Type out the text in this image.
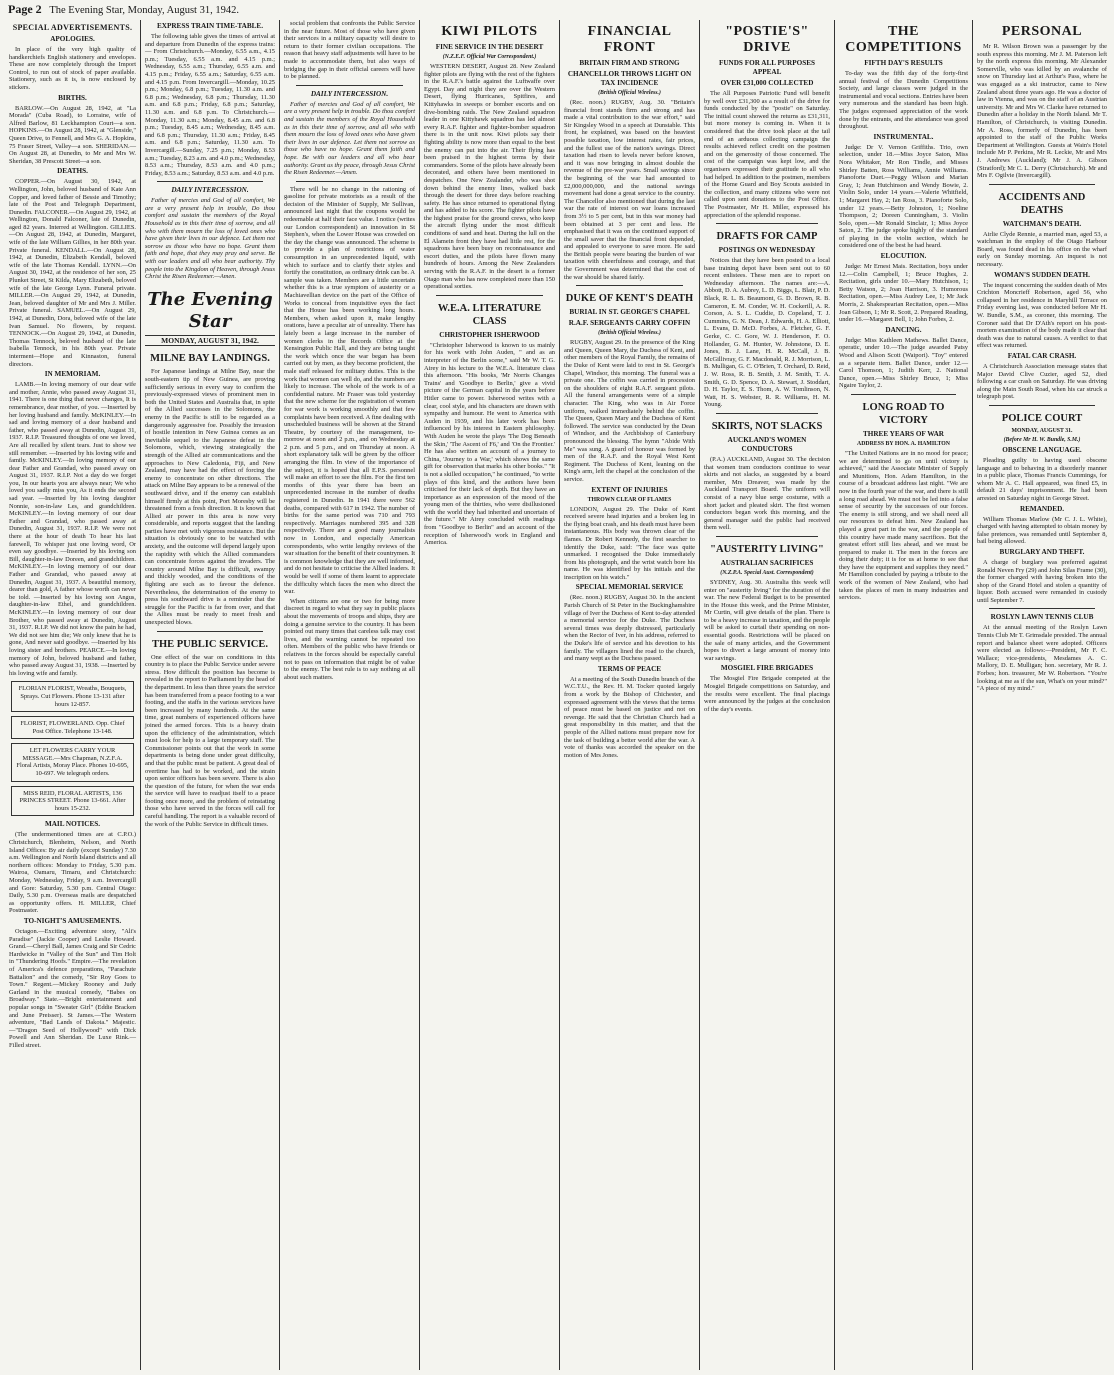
Page 2 The Evening Star, Monday, August 31, 1942.
SPECIAL ADVERTISEMENTS.
APOLOGIES.

In place of the very high quality of handkerchiefs English stationery and envelopes. These are now completely through the Import Control, to run out of stock of paper available. Stationery, such as it is, is now enclosed by stickers.

BIRTHS.

BARLOW.—On August 28, 1942, at "La Morada" (Cuba Road), to Lorraine, wife of Alfred Barlow, 81 Leckhampton Court—a son. HOPKINS.—On August 28, 1942, at "Glenside," Queen Drive, to Fennell, and Mrs G. A. Hopkins, 75 Fraser Street, Valley—a son. SHERIDAN.—On August 28, at Dunedin, to Mr and Mrs W. Sheridan, 38 Prescott Street—a son.

DEATHS.

COPPER.—On August 30, 1942, at Wellington, John, beloved husband of Kate Ann Copper, and loved father of Bessie and Timothy; late of the Post and Telegraph Department, Dunedin. FALCONER.—On August 29, 1942, at Wellington, Donald Falconer, late of Dunedin, aged 82 years. Interred at Wellington. GILLIES.—On August 28, 1942, at Dunedin, Margaret, wife of the late William Gillies, in her 80th year. Private funeral. KENDALL.—On August 28, 1942, at Dunedin, Elizabeth Kendall, beloved wife of the late Thomas Kendall. LYNN.—On August 30, 1942, at the residence of her son, 25 Plunket Street, St Kilda, Mary Elizabeth, beloved wife of the late George Lynn. Funeral private. MILLER.—On August 29, 1942, at Dunedin, Jean, beloved daughter of Mr and Mrs J. Miller. Private funeral. SAMUEL.—On August 29, 1942, at Dunedin, Dora, beloved wife of the late Ivan Samuel. No flowers, by request. TENNOCK.—On August 29, 1942, at Dunedin, Thomas Tennock, beloved husband of the late Isabella Tennock, in his 80th year. Private interment—Hope and Kinnaston, funeral directors.

IN MEMORIAM.

LAMB.—In loving memory of our dear wife and mother, Annie, who passed away August 31, 1941. There is one thing that never changes, It is remembrance, dear mother, of you. —Inserted by her loving husband and family. McKINLEY.—In sad and loving memory of a dear husband and father, who passed away at Dunedin, August 31, 1937. R.I.P. Treasured thoughts of one we loved, Are all recalled by silent tears. Just to show we still remember. —Inserted by his loving wife and family. McKINLEY.—In loving memory of our dear Father and Grandad, who passed away on August 31, 1937. R.I.P. Not a day do we forget you, In our hearts you are always near; We who loved you sadly miss you, As it ends the second sad year. —Inserted by his loving daughter Nonnie, son-in-law Les, and grandchildren. McKINLEY.—In loving memory of our dear Father and Grandad, who passed away at Dunedin, August 31, 1937. R.I.P. We were not there at the hour of death To hear his last farewell, To whisper just one loving word, Or even say goodbye. —Inserted by his loving son Bill, daughter-in-law Doreen, and grandchildren. McKINLEY.—In loving memory of our dear Father and Grandad, who passed away at Dunedin, August 31, 1937. A beautiful memory, dearer than gold, A father whose worth can never be told. —Inserted by his loving son Angus, daughter-in-law Ethel, and grandchildren. McKINLEY.—In loving memory of our dear Brother, who passed away at Dunedin, August 31, 1937. R.I.P. We did not know the pain he had, We did not see him die; We only knew that he is gone, And never said goodbye. —Inserted by his loving sister and brothers. PEARCE.—In loving memory of John, beloved husband and father, who passed away August 31, 1938. —Inserted by his loving wife and family.

FLORIAN FLORIST, Wreaths, Bouquets, Sprays. Cut Flowers. Phone 13-131 after hours 12-857.
FLORIST, FLOWERLAND. Opp. Chief Post Office. Telephone 13-148.
LET FLOWERS CARRY YOUR MESSAGE.—Mrs Chapman, N.Z.F.A. Floral Artists, Moray Place. Phones 10-695, 10-697. We telegraph orders.
MISS REID, FLORAL ARTISTS, 136 PRINCES STREET. Phone 13-661. After hours 15-232.
MAIL NOTICES.

(The undermentioned times are at C.P.O.) Christchurch, Blenheim, Nelson, and North Island Offices: By air daily (except Sunday) 7.30 a.m. Wellington and North Island districts and all northern offices: Monday to Friday, 5.30 p.m. Wairoa, Oamaru, Timaru, and Christchurch: Monday, Wednesday, Friday, 9 a.m. Invercargill and Gore: Saturday, 5.30 p.m. Central Otago: Daily, 5.30 p.m. Overseas mails are despatched as opportunity offers. H. MILLER, Chief Postmaster.

TO-NIGHT'S AMUSEMENTS.

Octagon.—Exciting adventure story, "Ali's Paradise" (Jackie Cooper) and Leslie Howard. Grand.—Cheryl Ball, James Craig and Sir Cedric Hardwicke in "Valley of the Sun" and Tim Holt in "Thundering Hoofs." Empire.—The revelation of America's defence preparations, "Parachute Battalion" and the comedy, "Sir Roy Goes to Town." Regent.—Mickey Rooney and Judy Garland in the musical comedy, "Babes on Broadway." State.—Bright entertainment and popular songs in "Sweater Girl" (Eddie Bracken and June Preisser). St James.—The Western adventure, "Bad Lands of Dakota." Majestic.—"Dragon Seed of Hollywood" with Dick Powell and Ann Sheridan. De Luxe Rink.—Filled street.

EXPRESS TRAIN TIME-TABLE.

The following table gives the times of arrival at and departure from Dunedin of the express trains:— From Christchurch.—Monday, 6.55 a.m., 4.15 p.m.; Tuesday, 6.55 a.m. and 4.15 p.m.; Wednesday, 6.55 a.m.; Thursday, 6.55 a.m. and 4.15 p.m.; Friday, 6.55 a.m.; Saturday, 6.55 a.m. and 4.15 p.m. From Invercargill.—Monday, 10.25 p.m.; Monday, 6.8 p.m.; Tuesday, 11.30 a.m. and 6.8 p.m.; Wednesday, 6.8 p.m.; Thursday, 11.30 a.m. and 6.8 p.m.; Friday, 6.8 p.m.; Saturday, 11.30 a.m. and 6.8 p.m. To Christchurch.—Monday, 11.30 a.m.; Monday, 8.45 a.m. and 6.8 p.m.; Tuesday, 8.45 a.m.; Wednesday, 8.45 a.m. and 6.8 p.m.; Thursday, 11.30 a.m.; Friday, 8.45 a.m. and 6.8 p.m.; Saturday, 11.30 a.m. To Invercargill.—Sunday, 7.25 p.m.; Monday, 8.53 a.m.; Tuesday, 8.23 a.m. and 4.0 p.m.; Wednesday, 8.53 a.m.; Thursday, 8.53 a.m. and 4.0 p.m.; Friday, 8.53 a.m.; Saturday, 8.53 a.m. and 4.0 p.m.

DAILY INTERCESSION.

Father of mercies and God of all comfort, We are a very present help in trouble, Do thou comfort and sustain the members of the Royal Household as in this their time of sorrow, and all who with them mourn the loss of loved ones who have given their lives in our defence. Let them not sorrow as those who have no hope. Grant them faith and hope, that they may pray and serve. Be with our leaders and all who bear authority. Thy people into the Kingdom of Heaven, through Jesus Christ the Risen Redeemer.—Amen.

The Evening Star
MONDAY, AUGUST 31, 1942.
MILNE BAY LANDINGS.

For Japanese landings at Milne Bay, near the south-eastern tip of New Guinea, are proving sufficiently serious in every way to confirm the previously-expressed views of prominent men in both the United States and Australia that, in spite of the Allied successes in the Solomons, the enemy in the Pacific is still to be regarded as a dangerously aggressive foe. Possibly the invasion of hostile intention in New Guinea comes as an inevitable sequel to the Japanese defeat in the Solomons, which, viewing strategically the strength of the Allied air communications and the approaches to New Caledonia, Fiji, and New Zealand, may have had the effect of forcing the enemy to concentrate on other directions. The attack on Milne Bay appears to be a renewal of the southward drive, and if the enemy can establish himself firmly at this point, Port Moresby will be threatened from a fresh direction. It is known that Allied air power in this area is now very considerable, and reports suggest that the landing parties have met with vigorous resistance. But the situation is obviously one to be watched with anxiety, and the outcome will depend largely upon the rapidity with which the Allied commanders can concentrate forces against the invaders. The country around Milne Bay is difficult, swampy and thickly wooded, and the conditions of the fighting are such as to favour the defence. Nevertheless, the determination of the enemy to press his southward drive is a reminder that the struggle for the Pacific is far from over, and that the Allies must be ready to meet fresh and unexpected blows.

THE PUBLIC SERVICE.

One effect of the war on conditions in this country is to place the Public Service under severe stress. How difficult the position has become is revealed in the report to Parliament by the head of the department. In less than three years the service has been transferred from a peace footing to a war footing, and the staffs in the various services have been increased by many hundreds. At the same time, great numbers of experienced officers have joined the armed forces. This is a heavy drain upon the efficiency of the administration, which must look for help to a large temporary staff. The Commissioner points out that the work in some departments is being done under great difficulty, and that the public must be patient. A great deal of overtime has had to be worked, and the strain upon senior officers has been severe. There is also the question of the future, for when the war ends the service will have to readjust itself to a peace footing once more, and the problem of reinstating those who have served in the forces will call for careful handling. The report is a valuable record of the work of the Public Service in difficult times.

social problem that confronts the Public Service in the near future. Most of those who have given their services in a military capacity will desire to return to their former civilian occupations. The reason that heavy staff adjustments will have to be made to accommodate them, but also ways of bridging the gap in their official careers will have to be planned.

DAILY INTERCESSION.

Father of mercies and God of all comfort, We are a very present help in trouble. Do thou comfort and sustain the members of the Royal Household as in this their time of sorrow, and all who with them mourn the loss of loved ones who have given their lives in our defence. Let them not sorrow as those who have no hope. Grant them faith and hope. Be with our leaders and all who bear authority. Grant us thy peace, through Jesus Christ the Risen Redeemer.—Amen.

There will be no change in the rationing of gasoline for private motorists as a result of the decision of the Minister of Supply, Mr Sullivan, announced last night that the coupons would be redeemable at half their face value. I notice (writes our London correspondent) an innovation in St Stephen's, when the Lower House was crowded on the day the change was announced. The scheme is to provide a plan of restrictions of water consumption in an unprecedented liquid, with which to surface and to clarify their styles and fortify the constitution, as ordinary drink can be. A sample was taken. Members are a little uncertain whether this is a true symptom of austerity or a Machiavellian device on the part of the Office of Works to conceal from inquisitive eyes the fact that the House has been working long hours. Members, when asked upon it, make lengthy orations, have a peculiar air of unreality. There has lately been a large increase in the number of women clerks in the Records Office at the Kensington Public Hall, and they are being taught the work which once the war began has been carried out by men, as they become proficient, the male staff released for military duties. This is the work that women can well do, and the numbers are likely to increase. The whole of the work is of a confidential nature. Mr Fraser was told yesterday that the new scheme for the registration of women for war work is working smoothly and that few complaints have been received. A fine dealing with unscheduled business will be shown at the Strand Theatre, by courtesy of the management, to-morrow at noon and 2 p.m., and on Wednesday at 2 p.m. and 5 p.m., and on Thursday at noon. A short explanatory talk will be given by the officer arranging the film. In view of the importance of the subject, it is hoped that all E.P.S. personnel will make an effort to see the film. For the first ten months of this year there has been an unprecedented increase in the number of deaths registered in Dunedin. In 1941 there were 562 deaths, compared with 617 in 1942. The number of births for the same period was 710 and 793 respectively. Marriages numbered 395 and 328 respectively. There are a good many journalists now in London, and especially American correspondents, who write lengthy reviews of the war situation for the benefit of their countrymen. It is common knowledge that they are well informed, and do not hesitate to criticise the Allied leaders. It would be well if some of them learnt to appreciate the difficulty which faces the men who direct the war.

When citizens are one or two for being more discreet in regard to what they say in public places about the movements of troops and ships, they are doing a genuine service to the country. It has been pointed out many times that careless talk may cost lives, and the warning cannot be repeated too often. Members of the public who have friends or relatives in the forces should be especially careful not to pass on information that might be of value to the enemy. The best rule is to say nothing at all about such matters.

KIWI PILOTS
FINE SERVICE IN THE DESERT
(N.Z.E.F. Official War Correspondent.)

WESTERN DESERT, August 28. New Zealand fighter pilots are flying with the rest of the fighters in the R.A.F.'s battle against the Luftwaffe over Egypt. Day and night they are over the Western Desert, flying Hurricanes, Spitfires, and Kittyhawks in sweeps or bomber escorts and on dive-bombing raids. The New Zealand squadron leader in one Kittyhawk squadron has led almost every R.A.F. fighter and fighter-bomber squadron there is in the unit now. Kiwi pilots say their fighting ability is now more than equal to the best the enemy can put into the air. Their flying has been praised in the highest terms by their commanders. Some of the pilots have already been decorated, and others have been mentioned in despatches. One New Zealander, who was shot down behind the enemy lines, walked back through the desert for three days before reaching safety. He has since returned to operational flying and has added to his score. The fighter pilots have the highest praise for the ground crews, who keep the aircraft flying under the most difficult conditions of sand and heat. During the lull on the El Alamein front they have had little rest, for the squadrons have been busy on reconnaissance and escort duties, and the pilots have flown many hundreds of hours. Among the New Zealanders serving with the R.A.F. in the desert is a former Otago man who has now completed more than 150 operational sorties.

W.E.A. LITERATURE CLASS
CHRISTOPHER ISHERWOOD

"Christopher Isherwood is known to us mainly for his work with John Auden, " and as an interpreter of the Berlin scene," said Mr W. T. G. Airey in his lecture to the W.E.A. literature class this afternoon. "His books, 'Mr Norris Changes Trains' and 'Goodbye to Berlin,' give a vivid picture of the German capital in the years before Hitler came to power. Isherwood writes with a clear, cool style, and his characters are drawn with sympathy and humour. He went to America with Auden in 1939, and his later work has been influenced by his interest in Eastern philosophy. With Auden he wrote the plays 'The Dog Beneath the Skin,' 'The Ascent of F6,' and 'On the Frontier.' He has also written an account of a journey to China, 'Journey to a War,' which shows the same gift for observation that marks his other books." "It is not a skilled occupation," he continued, "to write plays of this kind, and the authors have been criticised for their lack of depth. But they have an importance as an expression of the mood of the young men of the thirties, who were disillusioned with the world they had inherited and uncertain of the future." Mr Airey concluded with readings from "Goodbye to Berlin" and an account of the reception of Isherwood's work in England and America.

FINANCIAL FRONT
BRITAIN FIRM AND STRONG
CHANCELLOR THROWS LIGHT ON TAX INCIDENCE
(British Official Wireless.)

(Rec. noon.) RUGBY, Aug. 30. "Britain's financial front stands firm and strong and has made a vital contribution to the war effort," said Sir Kingsley Wood in a speech at Dunstable. This front, he explained, was based on the heaviest possible taxation, low interest rates, fair prices, and the fullest use of the nation's savings. Direct taxation had risen to levels never before known, and it was now bringing in almost double the revenue of the pre-war years. Small savings since the beginning of the war had amounted to £2,000,000,000, and the national savings movement had done a great service to the country. The Chancellor also mentioned that during the last war the rate of interest on war loans increased from 3½ to 5 per cent, but in this war money had been obtained at 3 per cent and less. He emphasised that it was on the continued support of the small saver that the financial front depended, and appealed to everyone to save more. He said the British people were bearing the burden of war taxation with cheerfulness and courage, and that the Government was determined that the cost of the war should be shared fairly.

DUKE OF KENT'S DEATH
BURIAL IN ST. GEORGE'S CHAPEL
R.A.F. SERGEANTS CARRY COFFIN
(British Official Wireless.)

RUGBY, August 29. In the presence of the King and Queen, Queen Mary, the Duchess of Kent, and other members of the Royal Family, the remains of the Duke of Kent were laid to rest in St. George's Chapel, Windsor, this morning. The funeral was a private one. The coffin was carried in procession on the shoulders of eight R.A.F. sergeant pilots. All the funeral arrangements were of a simple character. The King, who was in Air Force uniform, walked immediately behind the coffin. The Queen, Queen Mary and the Duchess of Kent followed. The service was conducted by the Dean of Windsor, and the Archbishop of Canterbury pronounced the blessing. The hymn "Abide With Me" was sung. A guard of honour was formed by men of the R.A.F. and the Royal West Kent Regiment. The Duchess of Kent, leaning on the King's arm, left the chapel at the conclusion of the service.

EXTENT OF INJURIES
THROWN CLEAR OF FLAMES

LONDON, August 29. The Duke of Kent received severe head injuries and a broken leg in the flying boat crash, and his death must have been instantaneous. His body was thrown clear of the flames. Dr Robert Kennedy, the first searcher to identify the Duke, said: "The face was quite unmarked. I recognised the Duke immediately from his photograph, and the wrist watch bore his name. He was identified by his initials and the inscription on his watch."

SPECIAL MEMORIAL SERVICE

(Rec. noon.) RUGBY, August 30. In the ancient Parish Church of St Peter in the Buckinghamshire village of Iver the Duchess of Kent to-day attended a memorial service for the Duke. The Duchess several times was deeply distressed, particularly when the Rector of Iver, in his address, referred to the Duke's life of service and his devotion to his family. The villagers lined the road to the church, and many wept as the Duchess passed.

TERMS OF PEACE

At a meeting of the South Dunedin branch of the W.C.T.U., the Rev. H. M. Tocker quoted largely from a work by the Bishop of Chichester, and expressed agreement with the views that the terms of peace must be based on justice and not on revenge. He said that the Christian Church had a great responsibility in this matter, and that the people of the Allied nations must prepare now for the task of building a better world after the war. A vote of thanks was accorded the speaker on the motion of Mrs Jones.

"POSTIE'S" DRIVE
FUNDS FOR ALL PURPOSES APPEAL
OVER £31,000 COLLECTED

The All Purposes Patriotic Fund will benefit by well over £31,300 as a result of the drive for funds conducted by the "postie" on Saturday. The initial count showed the returns as £31,311, but more money is coming in. When it is considered that the drive took place at the tail end of an arduous collecting campaign the results achieved reflect credit on the postmen and on the generosity of those concerned. The cost of the campaign was kept low, and the organisers expressed their gratitude to all who had helped. In addition to the postmen, members of the Home Guard and Boy Scouts assisted in the collection, and many citizens who were not called upon sent donations to the Post Office. The Postmaster, Mr H. Miller, expressed his appreciation of the splendid response.

DRAFTS FOR CAMP
POSTINGS ON WEDNESDAY

Notices that they have been posted to a local base training depot have been sent out to 60 recent enlistees. These men are to report on Wednesday afternoon. The names are:—A. Abbott, D. A. Aubrey, L. D. Biggs, L. Blair, P. D. Black, R. L. B. Beaumont, G. D. Brown, R. B. Cameron, E. M. Conder, W. H. Cockerill, A. R. Corson, A. S. L. Cuddie, D. Copeland, T. J. Cummins, G. N. Dean, J. Edwards, H. A. Elliott, L. Evans, D. McD. Forbes, A. Fletcher, G. F. Gerke, C. C. Gore, W. J. Henderson, F. O. Hollander, G. M. Hunter, W. Johnstone, D. E. Jones, B. J. Lane, H. R. McCall, J. B. McGillivray, G. F. Macdonald, R. J. Morrison, L. B. Mulligan, G. C. O'Brien, T. Orchard, D. Reid, J. W. Ross, R. B. Smith, J. M. Smith, T. A. Smith, G. D. Spence, D. A. Stewart, J. Stoddart, D. H. Taylor, E. S. Thom, A. W. Tomlinson, N. Watt, H. S. Webster, R. R. Williams, H. M. Young.

SKIRTS, NOT SLACKS
AUCKLAND'S WOMEN CONDUCTORS

(P.A.) AUCKLAND, August 30. The decision that women tram conductors continue to wear skirts and not slacks, as suggested by a board member, Mrs Dreaver, was made by the Auckland Transport Board. The uniform will consist of a navy blue serge costume, with a short jacket and pleated skirt. The first women conductors began work this morning, and the general manager said the public had received them well.

"AUSTERITY LIVING"
AUSTRALIAN SACRIFICES
(N.Z.P.A. Special Aust. Correspondent)

SYDNEY, Aug. 30. Australia this week will enter on "austerity living" for the duration of the war. The new Federal Budget is to be presented in the House this week, and the Prime Minister, Mr Curtin, will give details of the plan. There is to be a heavy increase in taxation, and the people will be asked to curtail their spending on non-essential goods. Restrictions will be placed on the sale of many articles, and the Government hopes to divert a large amount of money into war savings.

MOSGIEL FIRE BRIGADES

The Mosgiel Fire Brigade competed at the Mosgiel Brigade competitions on Saturday, and the results were excellent. The final placings were announced by the judges at the conclusion of the day's events.

THE COMPETITIONS
FIFTH DAY'S RESULTS

To-day was the fifth day of the forty-first annual festival of the Dunedin Competitions Society, and large classes were judged in the instrumental and vocal sections. Entries have been very numerous and the standard has been high. The judges expressed appreciation of the work done by the entrants, and the attendance was good throughout.

INSTRUMENTAL.

Judge: Dr V. Vernon Griffiths. Trio, own selection, under 18.—Miss Joyce Saton, Miss Nora Whitaker, Mr Ron Tindle, and Misses Shirley Batten, Ross Williams, Annie Williams. Pianoforte Duet.—Peggy Wilson and Marian Gray, 1; Jean Hutchinson and Wendy Bowie, 2. Violin Solo, under 14 years.—Valerie Whitfield, 1; Margaret Hay, 2; Ian Ross, 3. Pianoforte Solo, under 12 years.—Betty Johnston, 1; Noeline Thompson, 2; Doreen Cunningham, 3. Violin Solo, open.—Mr Ronald Sinclair, 1; Miss Joyce Saton, 2. The judge spoke highly of the standard of playing in the violin section, which he considered one of the best he had heard.

ELOCUTION.

Judge: Mr Ernest Mais. Recitation, boys under 12.—Colin Campbell, 1; Bruce Hughes, 2. Recitation, girls under 10.—Mary Hutchison, 1; Betty Watson, 2; Joan Harrison, 3. Humorous Recitation, open.—Miss Audrey Lee, 1; Mr Jack Morris, 2. Shakespearian Recitation, open.—Miss Joan Gibson, 1; Mr R. Scott, 2. Prepared Reading, under 16.—Margaret Bell, 1; John Forbes, 2.

DANCING.

Judge: Miss Kathleen Mathews. Ballet Dance, operatic, under 10.—The judge awarded Patsy Wood and Alison Scott (Waipori). "Toy" entered as a separate item. Ballet Dance, under 12.—Carol Thomson, 1; Judith Kerr, 2. National Dance, open.—Miss Shirley Bruce, 1; Miss Ngaire Taylor, 2.

LONG ROAD TO VICTORY
THREE YEARS OF WAR
ADDRESS BY HON. A. HAMILTON

"The United Nations are in no mood for peace; we are determined to go on until victory is achieved," said the Associate Minister of Supply and Munitions, Hon. Adam Hamilton, in the course of a broadcast address last night. "We are now in the fourth year of the war, and there is still a long road ahead. We must not be led into a false sense of security by the successes of our forces. The enemy is still strong, and we shall need all our resources to defeat him. New Zealand has played a great part in the war, and the people of this country have made many sacrifices. But the greatest effort still lies ahead, and we must be prepared to make it. The men in the forces are doing their duty; it is for us at home to see that they have the equipment and supplies they need." Mr Hamilton concluded by paying a tribute to the work of the women of New Zealand, who had taken the places of men in many industries and services.

PERSONAL

Mr R. Wilson Brown was a passenger by the south express this morning. Mr J. M. Paterson left by the north express this morning. Mr Alexander Somerville, who was killed by an avalanche of snow on Thursday last at Arthur's Pass, where he was engaged as a ski instructor, came to New Zealand about three years ago. He was a doctor of law in Vienna, and was on the staff of an Austrian university. Mr and Mrs W. Clarke have returned to Dunedin after a holiday in the North Island. Mr T. Hamilton, of Christchurch, is visiting Dunedin. Mr A. Ross, formerly of Dunedin, has been appointed to the staff of the Public Works Department at Wellington. Guests at Wain's Hotel include Mr P. Perkins, Mr R. Leckie, Mr and Mrs J. Andrews (Auckland); Mr J. A. Gibson (Stratford); Mr C. L. Derry (Christchurch). Mr and Mrs F. Ogilvie (Invercargill).

ACCIDENTS AND DEATHS
WATCHMAN'S DEATH.

Airlie Clyde Rennie, a married man, aged 53, a watchman in the employ of the Otago Harbour Board, was found dead in his office on the wharf early on Sunday morning. An inquest is not necessary.

WOMAN'S SUDDEN DEATH.

The inquest concerning the sudden death of Mrs Crichton Moncrieff Robertson, aged 56, who collapsed in her residence in Maryhill Terrace on Friday evening last, was conducted before Mr H. W. Bundle, S.M., as coroner, this morning. The Coroner said that Dr D'Ath's report on his post-mortem examination of the body made it clear that death was due to natural causes. A verdict to that effect was returned.

FATAL CAR CRASH.

A Christchurch Association message states that Major David Clive Cuzier, aged 52, died following a car crash on Saturday. He was driving along the Main South Road, when his car struck a telegraph post.

POLICE COURT
MONDAY, AUGUST 31.
(Before Mr H. W. Bundle, S.M.)
OBSCENE LANGUAGE.

Pleading guilty to having used obscene language and to behaving in a disorderly manner in a public place, Thomas Francis Cummings, for whom Mr A. C. Hall appeared, was fined £5, in default 21 days' imprisonment. He had been arrested on Saturday night in George Street.

REMANDED.

William Thomas Marlow (Mr C. J. L. White), charged with having attempted to obtain money by false pretences, was remanded until September 8, bail being allowed.

BURGLARY AND THEFT.

A charge of burglary was preferred against Ronald Neven Fry (29) and John Silas Frame (30), the former charged with having broken into the shop of the Grand Hotel and stolen a quantity of liquor. Both accused were remanded in custody until September 7.

ROSLYN LAWN TENNIS CLUB

At the annual meeting of the Roslyn Lawn Tennis Club Mr T. Grimsdale presided. The annual report and balance sheet were adopted. Officers were elected as follows:—President, Mr F. C. Wallace; vice-presidents, Mesdames A. C. Mallory, D. E. Mulligan; hon. secretary, Mr R. J. Forbes; hon. treasurer, Mr W. Robertson. "You're looking at me as if the sun, What's on your mind?" "A piece of my mind."
